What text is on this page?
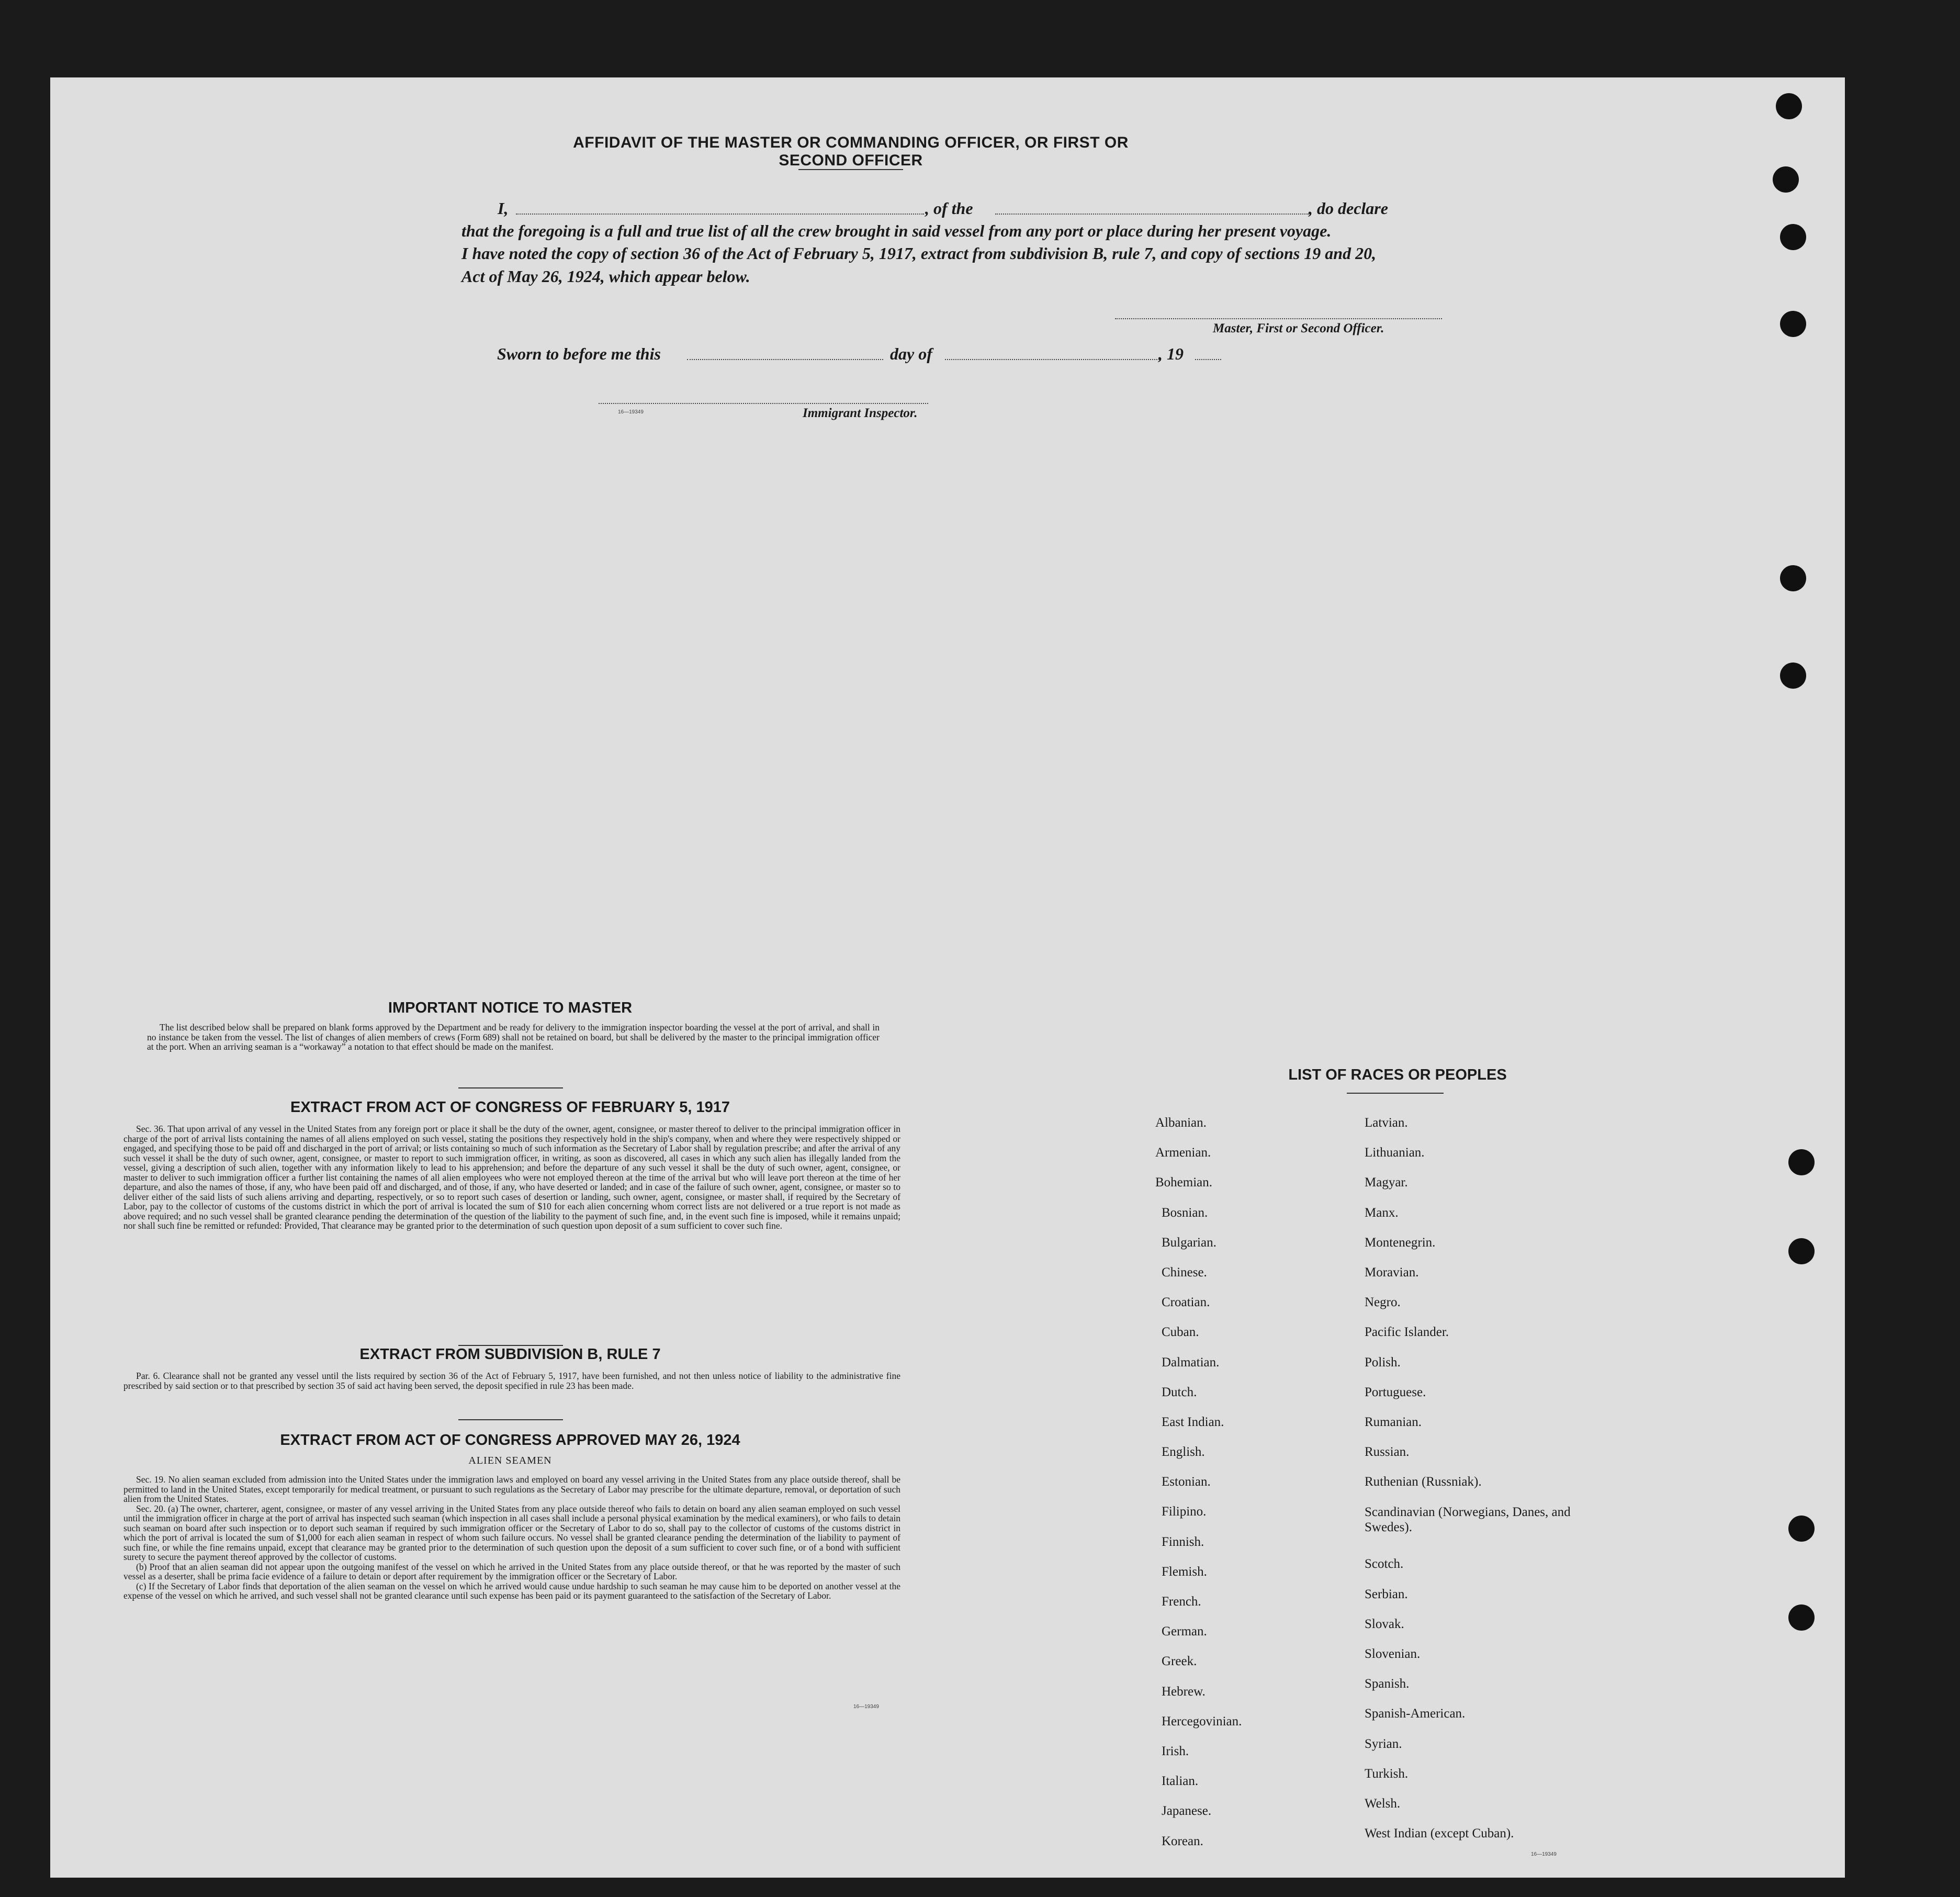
AFFIDAVIT OF THE MASTER OR COMMANDING OFFICER, OR FIRST OR SECOND OFFICER
I,	, of the	, do declare
that the foregoing is a full and true list of all the crew brought in said vessel from any port or place during her present voyage.
I have noted the copy of section 36 of the Act of February 5, 1917, extract from subdivision B, rule 7, and copy of sections 19 and 20,
Act of May 26, 1924, which appear below.
Master, First or Second Officer.
Sworn to before me this	day of	, 19
16—19349	Immigrant Inspector.

IMPORTANT NOTICE TO MASTER

The list described below shall be prepared on blank forms approved by the Department and be ready for delivery to the immigration inspector boarding the vessel at the port of arrival, and shall in no instance be taken from the vessel. The list of changes of alien members of crews (Form 689) shall not be retained on board, but shall be delivered by the master to the principal immigration officer at the port. When an arriving seaman is a “workaway” a notation to that effect should be made on the manifest.

EXTRACT FROM ACT OF CONGRESS OF FEBRUARY 5, 1917

Sec. 36. That upon arrival of any vessel in the United States from any foreign port or place it shall be the duty of the owner, agent, consignee, or master thereof to deliver to the principal immigration officer in charge of the port of arrival lists containing the names of all aliens employed on such vessel, stating the positions they respectively hold in the ship's company, when and where they were respectively shipped or engaged, and specifying those to be paid off and discharged in the port of arrival; or lists containing so much of such information as the Secretary of Labor shall by regulation prescribe; and after the arrival of any such vessel it shall be the duty of such owner, agent, consignee, or master to report to such immigration officer, in writing, as soon as discovered, all cases in which any such alien has illegally landed from the vessel, giving a description of such alien, together with any information likely to lead to his apprehension; and before the departure of any such vessel it shall be the duty of such owner, agent, consignee, or master to deliver to such immigration officer a further list containing the names of all alien employees who were not employed thereon at the time of the arrival but who will leave port thereon at the time of her departure, and also the names of those, if any, who have been paid off and discharged, and of those, if any, who have deserted or landed; and in case of the failure of such owner, agent, consignee, or master so to deliver either of the said lists of such aliens arriving and departing, respectively, or so to report such cases of desertion or landing, such owner, agent, consignee, or master shall, if required by the Secretary of Labor, pay to the collector of customs of the customs district in which the port of arrival is located the sum of $10 for each alien concerning whom correct lists are not delivered or a true report is not made as above required; and no such vessel shall be granted clearance pending the determination of the question of the liability to the payment of such fine, and, in the event such fine is imposed, while it remains unpaid; nor shall such fine be remitted or refunded: Provided, That clearance may be granted prior to the determination of such question upon deposit of a sum sufficient to cover such fine.

EXTRACT FROM SUBDIVISION B, RULE 7

Par. 6. Clearance shall not be granted any vessel until the lists required by section 36 of the Act of February 5, 1917, have been furnished, and not then unless notice of liability to the administrative fine prescribed by said section or to that prescribed by section 35 of said act having been served, the deposit specified in rule 23 has been made.

EXTRACT FROM ACT OF CONGRESS APPROVED MAY 26, 1924
ALIEN SEAMEN

Sec. 19. No alien seaman excluded from admission into the United States under the immigration laws and employed on board any vessel arriving in the United States from any place outside thereof, shall be permitted to land in the United States, except temporarily for medical treatment, or pursuant to such regulations as the Secretary of Labor may prescribe for the ultimate departure, removal, or deportation of such alien from the United States.

Sec. 20. (a) The owner, charterer, agent, consignee, or master of any vessel arriving in the United States from any place outside thereof who fails to detain on board any alien seaman employed on such vessel until the immigration officer in charge at the port of arrival has inspected such seaman (which inspection in all cases shall include a personal physical examination by the medical examiners), or who fails to detain such seaman on board after such inspection or to deport such seaman if required by such immigration officer or the Secretary of Labor to do so, shall pay to the collector of customs of the customs district in which the port of arrival is located the sum of $1,000 for each alien seaman in respect of whom such failure occurs. No vessel shall be granted clearance pending the determination of the liability to payment of such fine, or while the fine remains unpaid, except that clearance may be granted prior to the determination of such question upon the deposit of a sum sufficient to cover such fine, or of a bond with sufficient surety to secure the payment thereof approved by the collector of customs.

(b) Proof that an alien seaman did not appear upon the outgoing manifest of the vessel on which he arrived in the United States from any place outside thereof, or that he was reported by the master of such vessel as a deserter, shall be prima facie evidence of a failure to detain or deport after requirement by the immigration officer or the Secretary of Labor.

(c) If the Secretary of Labor finds that deportation of the alien seaman on the vessel on which he arrived would cause undue hardship to such seaman he may cause him to be deported on another vessel at the expense of the vessel on which he arrived, and such vessel shall not be granted clearance until such expense has been paid or its payment guaranteed to the satisfaction of the Secretary of Labor.

16—19349
LIST OF RACES OR PEOPLES
Albanian.
Armenian.
Bohemian.
Bosnian.
Bulgarian.
Chinese.
Croatian.
Cuban.
Dalmatian.
Dutch.
East Indian.
English.
Estonian.
Filipino.
Finnish.
Flemish.
French.
German.
Greek.
Hebrew.
Hercegovinian.
Irish.
Italian.
Japanese.
Korean.
Latvian.
Lithuanian.
Magyar.
Manx.
Montenegrin.
Moravian.
Negro.
Pacific Islander.
Polish.
Portuguese.
Rumanian.
Russian.
Ruthenian (Russniak).
Scandinavian (Norwegians, Danes, and Swedes).
Scotch.
Serbian.
Slovak.
Slovenian.
Spanish.
Spanish-American.
Syrian.
Turkish.
Welsh.
West Indian (except Cuban).
16—19349
